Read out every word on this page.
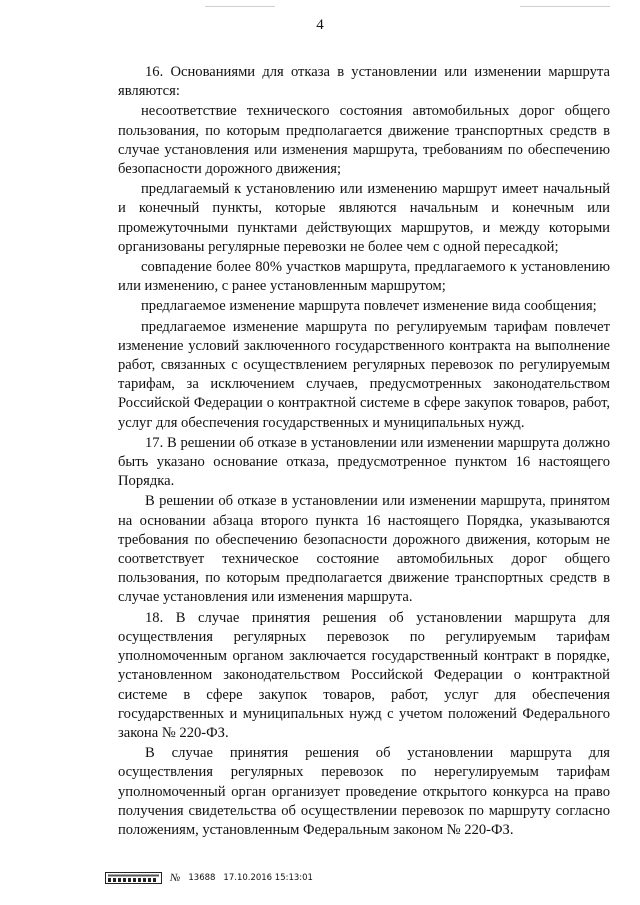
4

16. Основаниями для отказа в установлении или изменении маршрута являются:

несоответствие технического состояния автомобильных дорог общего пользования, по которым предполагается движение транспортных средств в случае установления или изменения маршрута, требованиям по обеспечению безопасности дорожного движения;

предлагаемый к установлению или изменению маршрут имеет начальный и конечный пункты, которые являются начальным и конечным или промежуточными пунктами действующих маршрутов, и между которыми организованы регулярные перевозки не более чем с одной пересадкой;

совпадение более 80% участков маршрута, предлагаемого к установлению или изменению, с ранее установленным маршрутом;

предлагаемое изменение маршрута повлечет изменение вида сообщения;

предлагаемое изменение маршрута по регулируемым тарифам повлечет изменение условий заключенного государственного контракта на выполнение работ, связанных с осуществлением регулярных перевозок по регулируемым тарифам, за исключением случаев, предусмотренных законодательством Российской Федерации о контрактной системе в сфере закупок товаров, работ, услуг для обеспечения государственных и муниципальных нужд.

17. В решении об отказе в установлении или изменении маршрута должно быть указано основание отказа, предусмотренное пунктом 16 настоящего Порядка.

В решении об отказе в установлении или изменении маршрута, принятом на основании абзаца второго пункта 16 настоящего Порядка, указываются требования по обеспечению безопасности дорожного движения, которым не соответствует техническое состояние автомобильных дорог общего пользования, по которым предполагается движение транспортных средств в случае установления или изменения маршрута.

18. В случае принятия решения об установлении маршрута для осуществления регулярных перевозок по регулируемым тарифам уполномоченным органом заключается государственный контракт в порядке, установленном законодательством Российской Федерации о контрактной системе в сфере закупок товаров, работ, услуг для обеспечения государственных и муниципальных нужд с учетом положений Федерального закона № 220-ФЗ.

В случае принятия решения об установлении маршрута для осуществления регулярных перевозок по нерегулируемым тарифам уполномоченный орган организует проведение открытого конкурса на право получения свидетельства об осуществлении перевозок по маршруту согласно положениям, установленным Федеральным законом № 220-ФЗ.

№ 13688 17.10.2016 15:13:01
